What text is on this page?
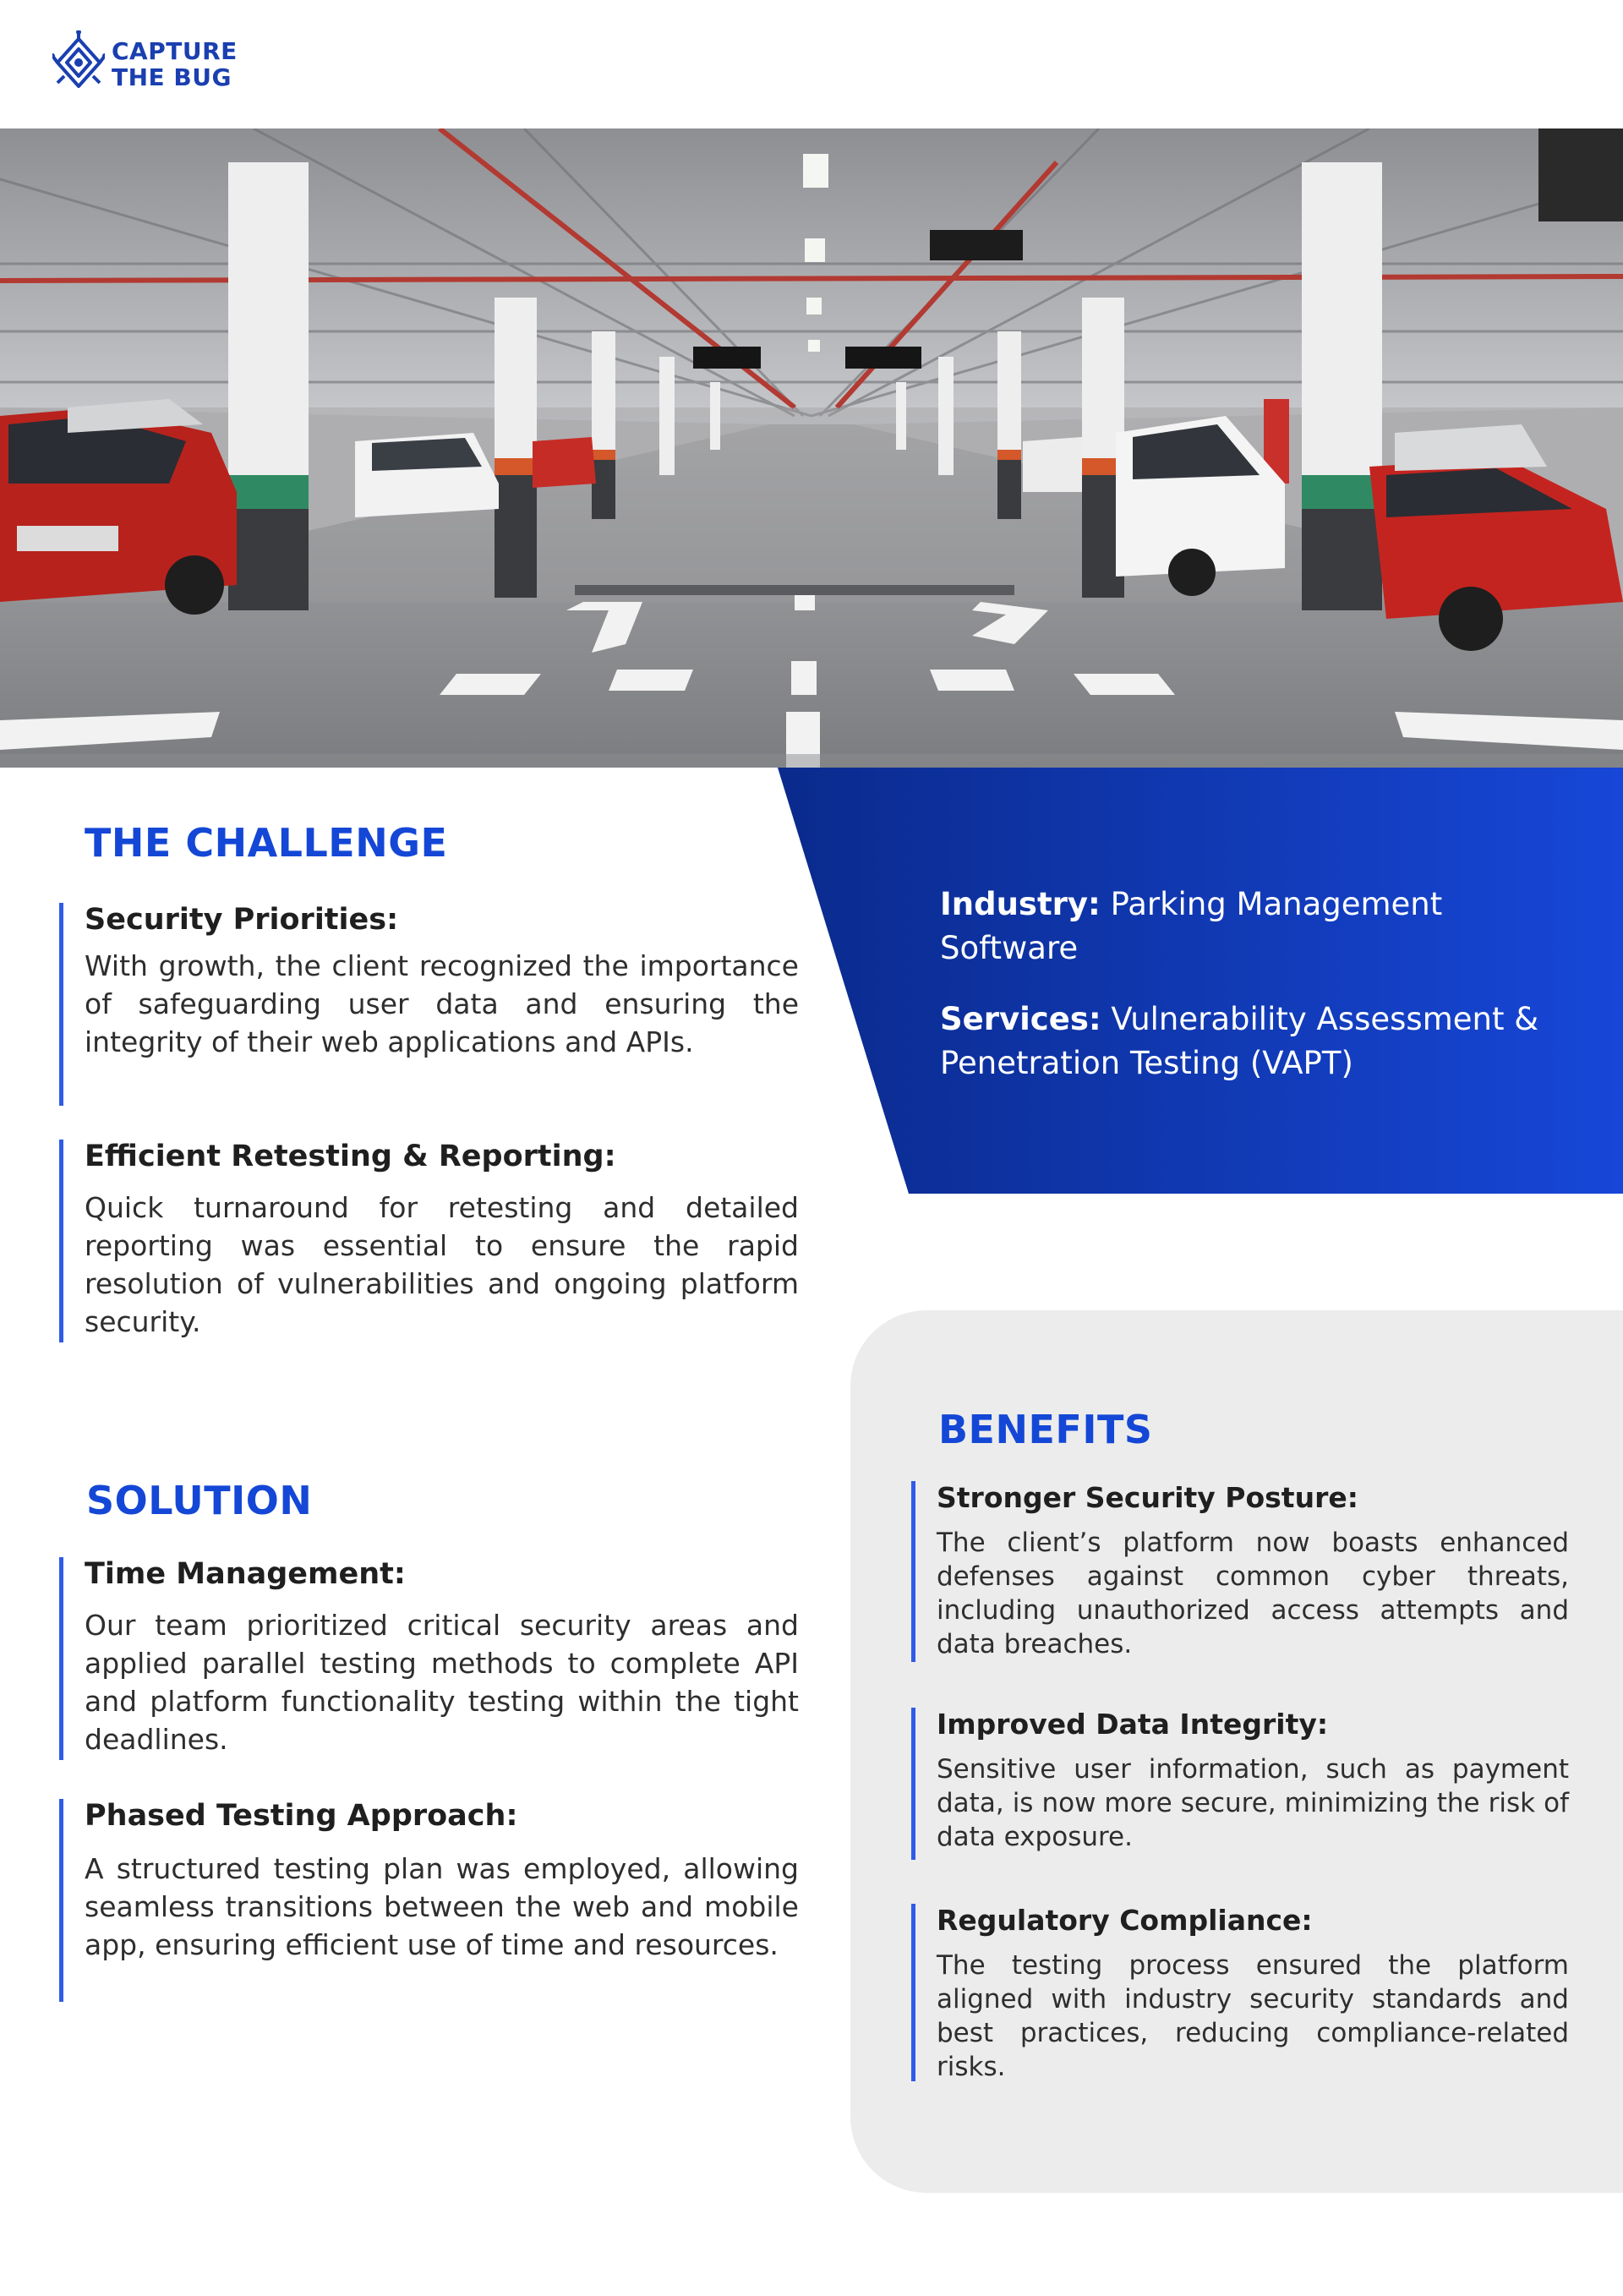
CAPTURE
THE BUG
Industry: Parking Management Software
Services: Vulnerability Assessment & Penetration Testing (VAPT)
THE CHALLENGE
Security Priorities:

With growth, the client recognized the importance of safeguarding user data and ensuring the integrity of their web applications and APIs.

Efficient Retesting & Reporting:

Quick turnaround for retesting and detailed reporting was essential to ensure the rapid resolution of vulnerabilities and ongoing platform security.

SOLUTION
Time Management:

Our team prioritized critical security areas and applied parallel testing methods to complete API and platform functionality testing within the tight deadlines.

Phased Testing Approach:

A structured testing plan was employed, allowing seamless transitions between the web and mobile app, ensuring efficient use of time and resources.

BENEFITS
Stronger Security Posture:

The client’s platform now boasts enhanced defenses against common cyber threats, including unauthorized access attempts and data breaches.

Improved Data Integrity:

Sensitive user information, such as payment data, is now more secure, minimizing the risk of data exposure.

Regulatory Compliance:

The testing process ensured the platform aligned with industry security standards and best practices, reducing compliance-related risks.
